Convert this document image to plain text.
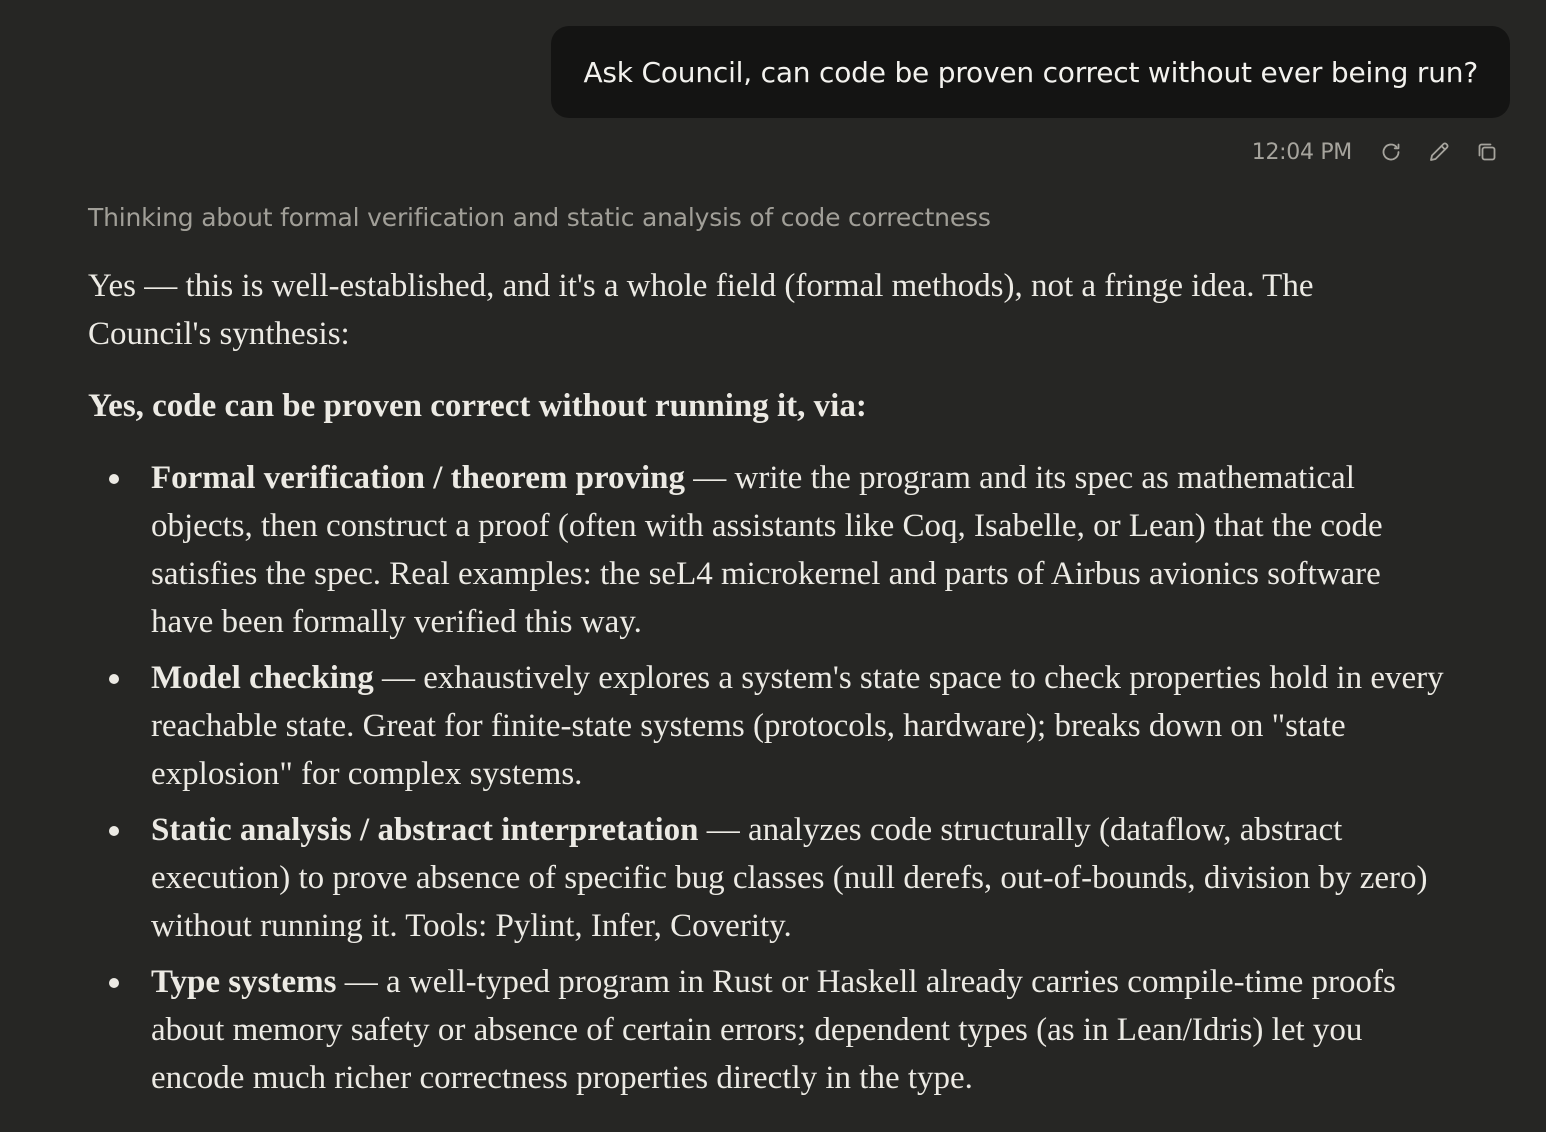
Ask Council, can code be proven correct without ever being run?
12:04 PM
Thinking about formal verification and static analysis of code correctness

Yes — this is well-established, and it's a whole field (formal methods), not a fringe idea. The Council's synthesis:

Yes, code can be proven correct without running it, via:

Formal verification / theorem proving — write the program and its spec as mathematical objects, then construct a proof (often with assistants like Coq, Isabelle, or Lean) that the code satisfies the spec. Real examples: the seL4 microkernel and parts of Airbus avionics software have been formally verified this way.
Model checking — exhaustively explores a system's state space to check properties hold in every reachable state. Great for finite-state systems (protocols, hardware); breaks down on "state explosion" for complex systems.
Static analysis / abstract interpretation — analyzes code structurally (dataflow, abstract execution) to prove absence of specific bug classes (null derefs, out-of-bounds, division by zero) without running it. Tools: Pylint, Infer, Coverity.
Type systems — a well-typed program in Rust or Haskell already carries compile-time proofs about memory safety or absence of certain errors; dependent types (as in Lean/Idris) let you encode much richer correctness properties directly in the type.
